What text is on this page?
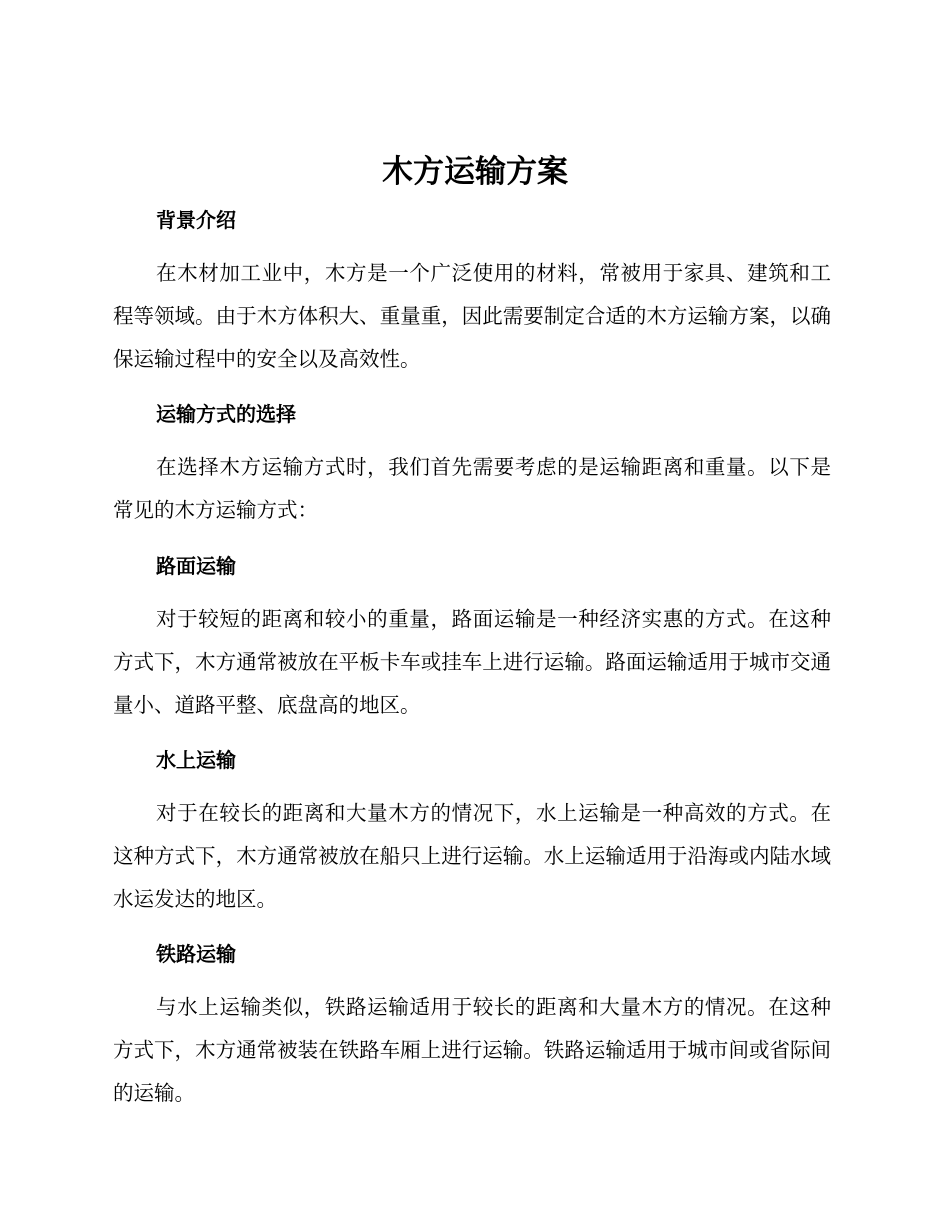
木方运输方案
背景介绍

在木材加工业中，木方是一个广泛使用的材料，常被用于家具、建筑和工程等领域。由于木方体积大、重量重，因此需要制定合适的木方运输方案，以确保运输过程中的安全以及高效性。

运输方式的选择

在选择木方运输方式时，我们首先需要考虑的是运输距离和重量。以下是常见的木方运输方式：

路面运输

对于较短的距离和较小的重量，路面运输是一种经济实惠的方式。在这种方式下，木方通常被放在平板卡车或挂车上进行运输。路面运输适用于城市交通量小、道路平整、底盘高的地区。

水上运输

对于在较长的距离和大量木方的情况下，水上运输是一种高效的方式。在这种方式下，木方通常被放在船只上进行运输。水上运输适用于沿海或内陆水域水运发达的地区。

铁路运输

与水上运输类似，铁路运输适用于较长的距离和大量木方的情况。在这种方式下，木方通常被装在铁路车厢上进行运输。铁路运输适用于城市间或省际间的运输。
